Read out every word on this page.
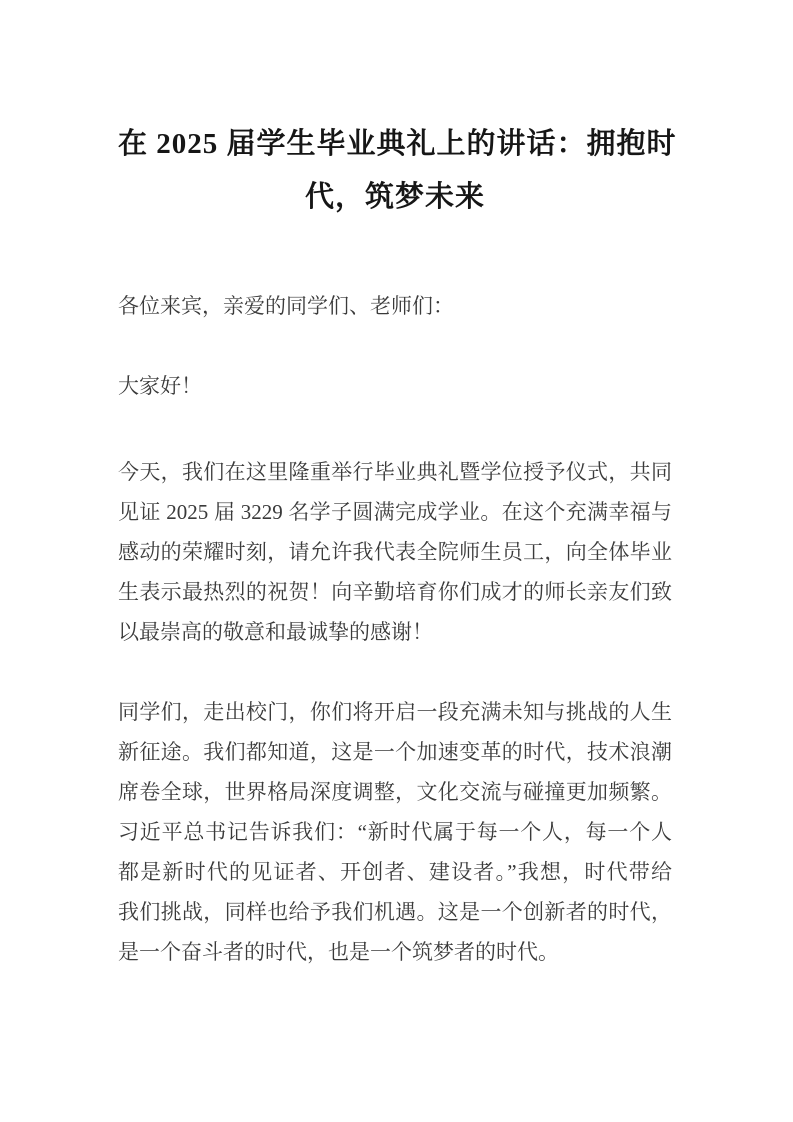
在 2025 届学生毕业典礼上的讲话：拥抱时
代，筑梦未来
各位来宾，亲爱的同学们、老师们：
大家好！
今天，我们在这里隆重举行毕业典礼暨学位授予仪式，共同
见证 2025 届 3229 名学子圆满完成学业。在这个充满幸福与
感动的荣耀时刻，请允许我代表全院师生员工，向全体毕业
生表示最热烈的祝贺！向辛勤培育你们成才的师长亲友们致
以最崇高的敬意和最诚挚的感谢！
同学们，走出校门，你们将开启一段充满未知与挑战的人生
新征途。我们都知道，这是一个加速变革的时代，技术浪潮
席卷全球，世界格局深度调整，文化交流与碰撞更加频繁。
习近平总书记告诉我们：“新时代属于每一个人，每一个人
都是新时代的见证者、开创者、建设者。”我想，时代带给
我们挑战，同样也给予我们机遇。这是一个创新者的时代，
是一个奋斗者的时代，也是一个筑梦者的时代。
